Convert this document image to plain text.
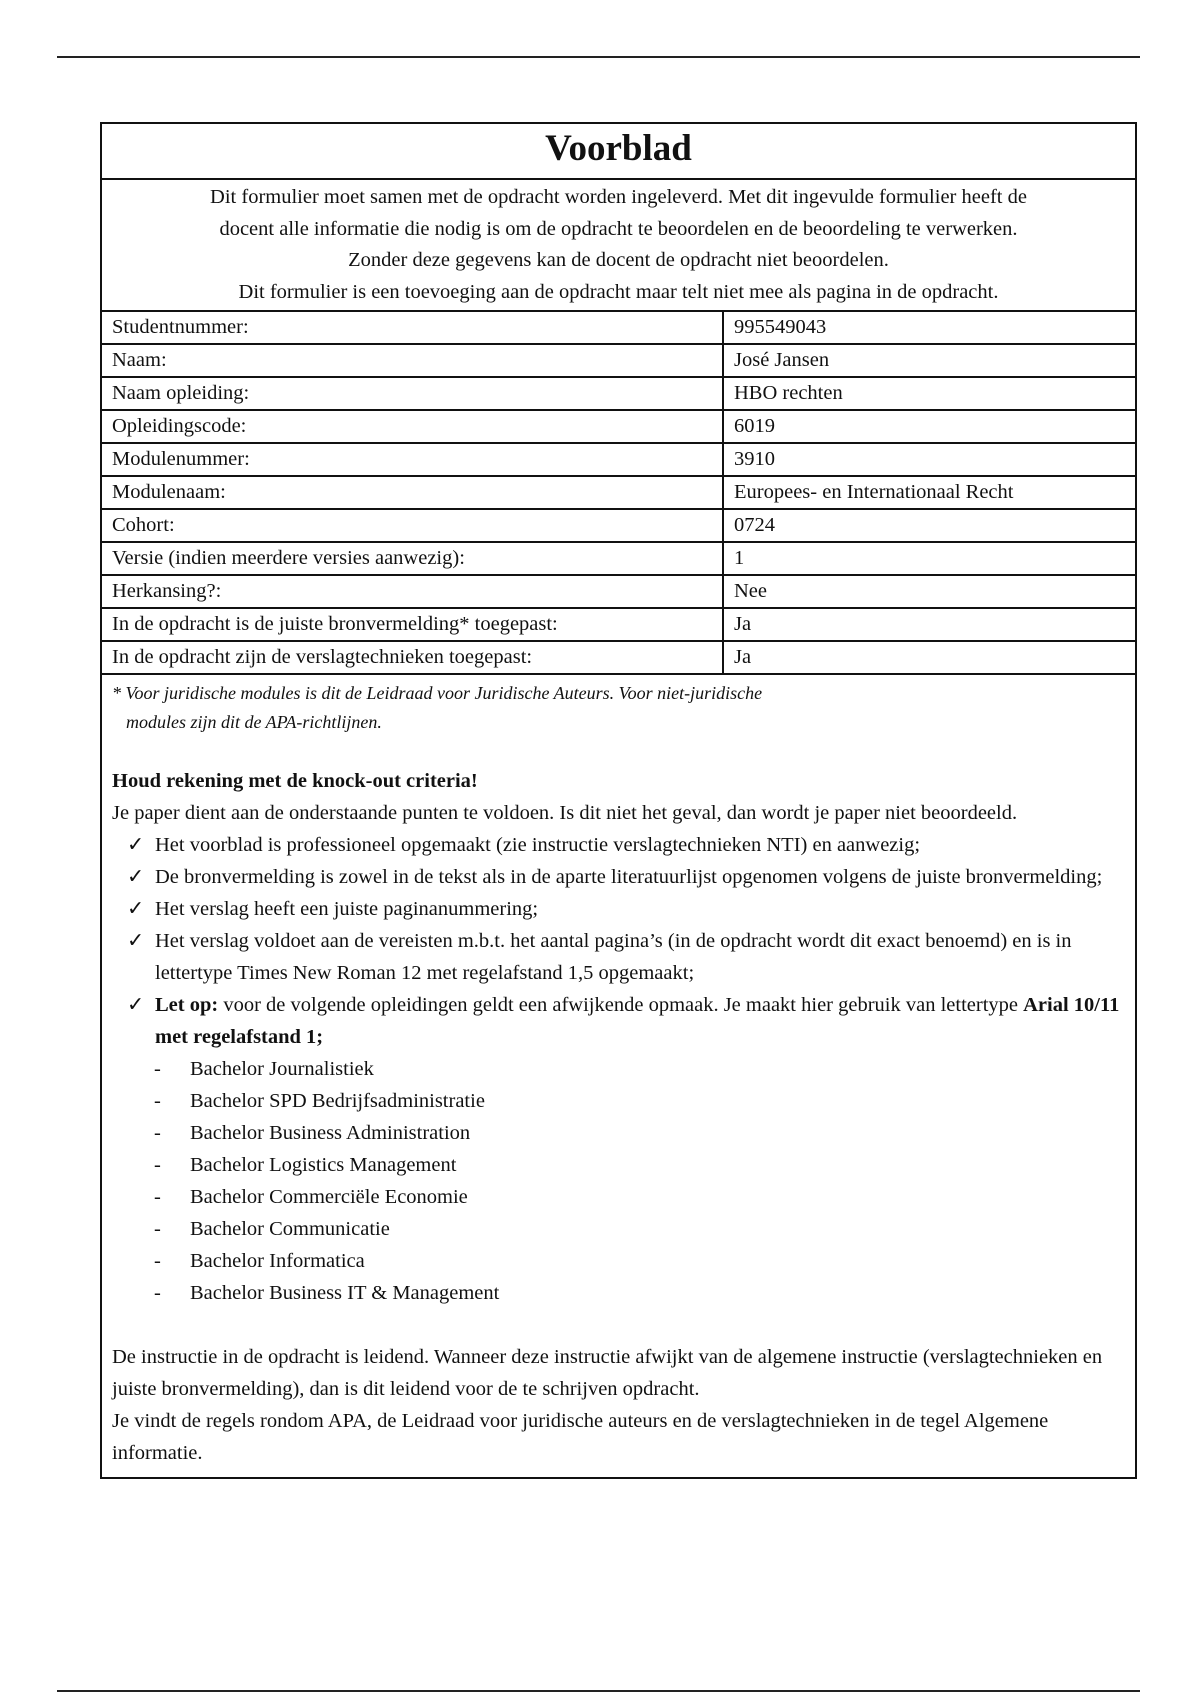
Voorblad
Dit formulier moet samen met de opdracht worden ingeleverd. Met dit ingevulde formulier heeft de
docent alle informatie die nodig is om de opdracht te beoordelen en de beoordeling te verwerken.
Zonder deze gegevens kan de docent de opdracht niet beoordelen.
Dit formulier is een toevoeging aan de opdracht maar telt niet mee als pagina in de opdracht.
Studentnummer:	995549043
Naam:	José Jansen
Naam opleiding:	HBO rechten
Opleidingscode:	6019
Modulenummer:	3910
Modulenaam:	Europees- en Internationaal Recht
Cohort:	0724
Versie (indien meerdere versies aanwezig):	1
Herkansing?:	Nee
In de opdracht is de juiste bronvermelding* toegepast:	Ja
In de opdracht zijn de verslagtechnieken toegepast:	Ja
* Voor juridische modules is dit de Leidraad voor Juridische Auteurs. Voor niet-juridische
modules zijn dit de APA-richtlijnen.
Houd rekening met de knock-out criteria!
Je paper dient aan de onderstaande punten te voldoen. Is dit niet het geval, dan wordt je paper niet beoordeeld.
✓ Het voorblad is professioneel opgemaakt (zie instructie verslagtechnieken NTI) en aanwezig;
✓ De bronvermelding is zowel in de tekst als in de aparte literatuurlijst opgenomen volgens de juiste bronvermelding;
✓ Het verslag heeft een juiste paginanummering;
✓ Het verslag voldoet aan de vereisten m.b.t. het aantal pagina’s (in de opdracht wordt dit exact benoemd) en is in lettertype Times New Roman 12 met regelafstand 1,5 opgemaakt;
✓ Let op: voor de volgende opleidingen geldt een afwijkende opmaak. Je maakt hier gebruik van lettertype Arial 10/11 met regelafstand 1;
-	Bachelor Journalistiek
-	Bachelor SPD Bedrijfsadministratie
-	Bachelor Business Administration
-	Bachelor Logistics Management
-	Bachelor Commerciële Economie
-	Bachelor Communicatie
-	Bachelor Informatica
-	Bachelor Business IT & Management
De instructie in de opdracht is leidend. Wanneer deze instructie afwijkt van de algemene instructie (verslagtechnieken en juiste bronvermelding), dan is dit leidend voor de te schrijven opdracht.
Je vindt de regels rondom APA, de Leidraad voor juridische auteurs en de verslagtechnieken in de tegel Algemene informatie.
